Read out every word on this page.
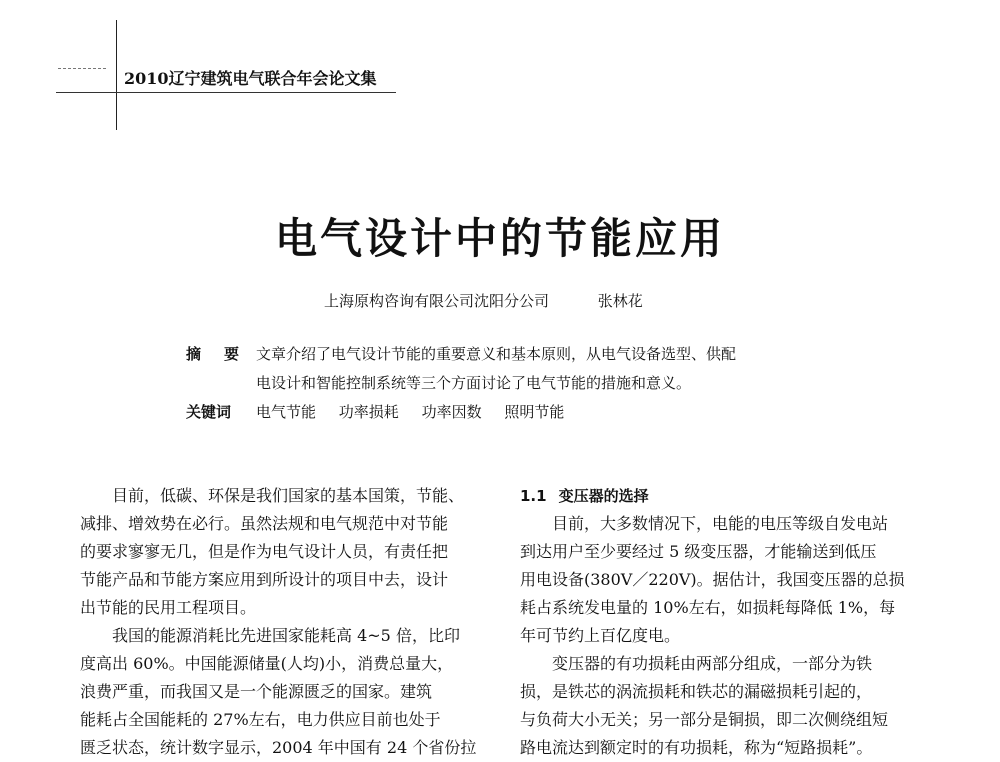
2010辽宁建筑电气联合年会论文集
电气设计中的节能应用
上海原构咨询有限公司沈阳分公司	张林花
摘　要 文章介绍了电气设计节能的重要意义和基本原则，从电气设备选型、供配
电设计和智能控制系统等三个方面讨论了电气节能的措施和意义。
关键词	电气节能 功率损耗 功率因数 照明节能
　　目前，低碳、环保是我们国家的基本国策，节能、
减排、增效势在必行。虽然法规和电气规范中对节能
的要求寥寥无几，但是作为电气设计人员，有责任把
节能产品和节能方案应用到所设计的项目中去，设计
出节能的民用工程项目。
　　我国的能源消耗比先进国家能耗高 4~5 倍，比印
度高出 60%。中国能源储量(人均)小，消费总量大，
浪费严重，而我国又是一个能源匮乏的国家。建筑
能耗占全国能耗的 27%左右，电力供应目前也处于
匮乏状态，统计数字显示，2004 年中国有 24 个省份拉
1.1 变压器的选择
　　目前，大多数情况下，电能的电压等级自发电站
到达用户至少要经过 5 级变压器，才能输送到低压
用电设备(380V／220V)。据估计，我国变压器的总损
耗占系统发电量的 10%左右，如损耗每降低 1%，每
年可节约上百亿度电。
　　变压器的有功损耗由两部分组成，一部分为铁
损，是铁芯的涡流损耗和铁芯的漏磁损耗引起的，
与负荷大小无关；另一部分是铜损，即二次侧绕组短
路电流达到额定时的有功损耗，称为“短路损耗”。
